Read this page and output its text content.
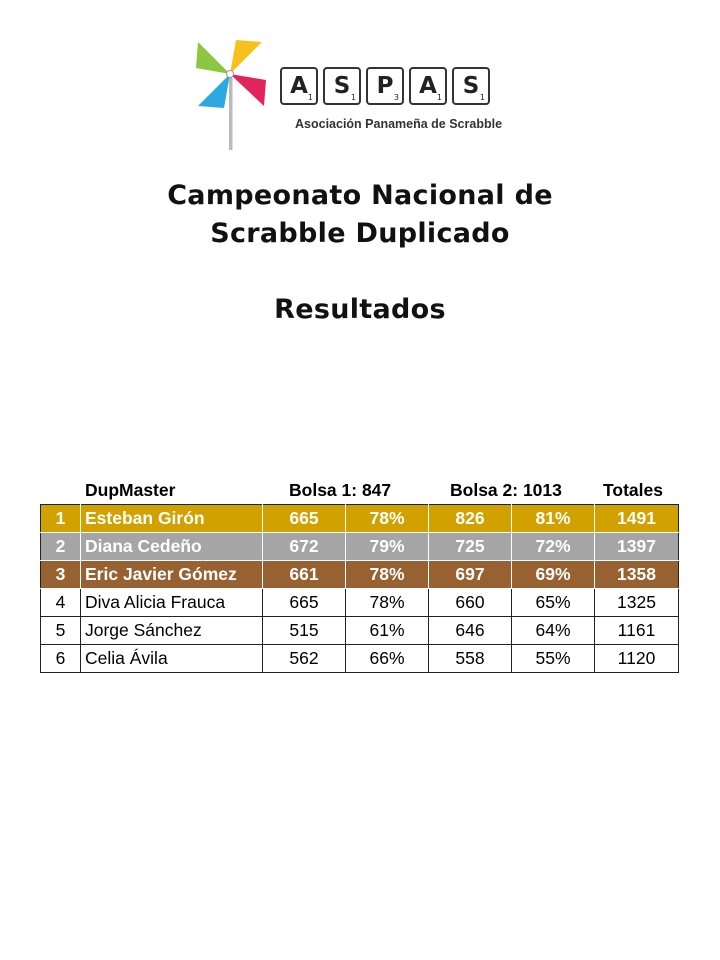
A 1 S 1 P 3 A 1 S 1
Asociación Panameña de Scrabble
Campeonato Nacional de
Scrabble Duplicado
Resultados
DupMaster	Bolsa 1: 847	Bolsa 2: 1013 Totales
1	Esteban Girón	665	78%	826	81%	1491
2	Diana Cedeño	672	79%	725	72%	1397
3	Eric Javier Gómez	661	78%	697	69%	1358
4	Diva Alicia Frauca	665	78%	660	65%	1325
5	Jorge Sánchez	515	61%	646	64%	1161
6	Celia Ávila	562	66%	558	55%	1120
